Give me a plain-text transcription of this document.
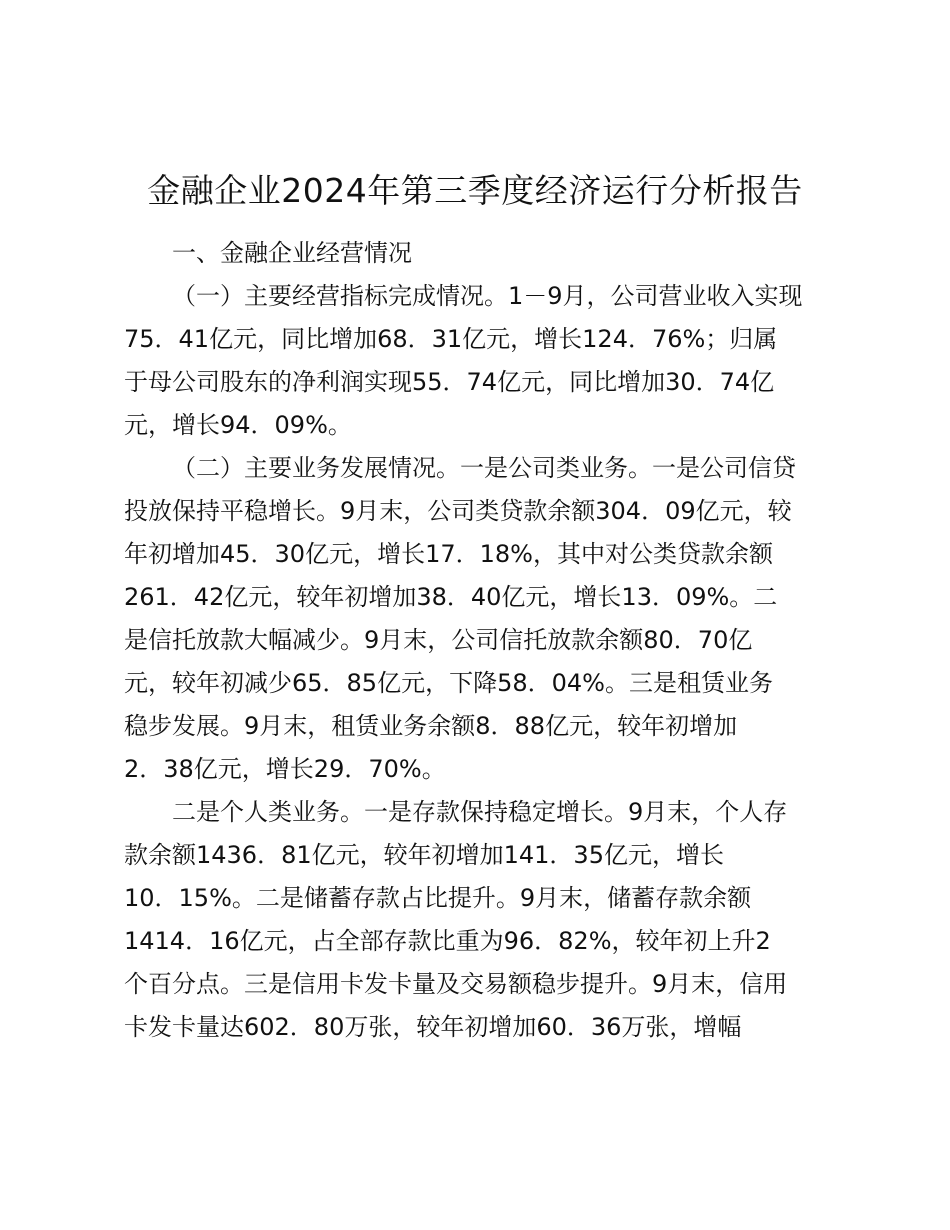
金融企业2024年第三季度经济运行分析报告
一、金融企业经营情况
（一）主要经营指标完成情况。1－9月，公司营业收入实现
75．41亿元，同比增加68．31亿元，增长124．76%；归属
于母公司股东的净利润实现55．74亿元，同比增加30．74亿
元，增长94．09%。
（二）主要业务发展情况。一是公司类业务。一是公司信贷
投放保持平稳增长。9月末，公司类贷款余额304．09亿元，较
年初增加45．30亿元，增长17．18%，其中对公类贷款余额
261．42亿元，较年初增加38．40亿元，增长13．09%。二
是信托放款大幅减少。9月末，公司信托放款余额80．70亿
元，较年初减少65．85亿元，下降58．04%。三是租赁业务
稳步发展。9月末，租赁业务余额8．88亿元，较年初增加
2．38亿元，增长29．70%。
二是个人类业务。一是存款保持稳定增长。9月末，个人存
款余额1436．81亿元，较年初增加141．35亿元，增长
10．15%。二是储蓄存款占比提升。9月末，储蓄存款余额
1414．16亿元，占全部存款比重为96．82%，较年初上升2
个百分点。三是信用卡发卡量及交易额稳步提升。9月末，信用
卡发卡量达602．80万张，较年初增加60．36万张，增幅
